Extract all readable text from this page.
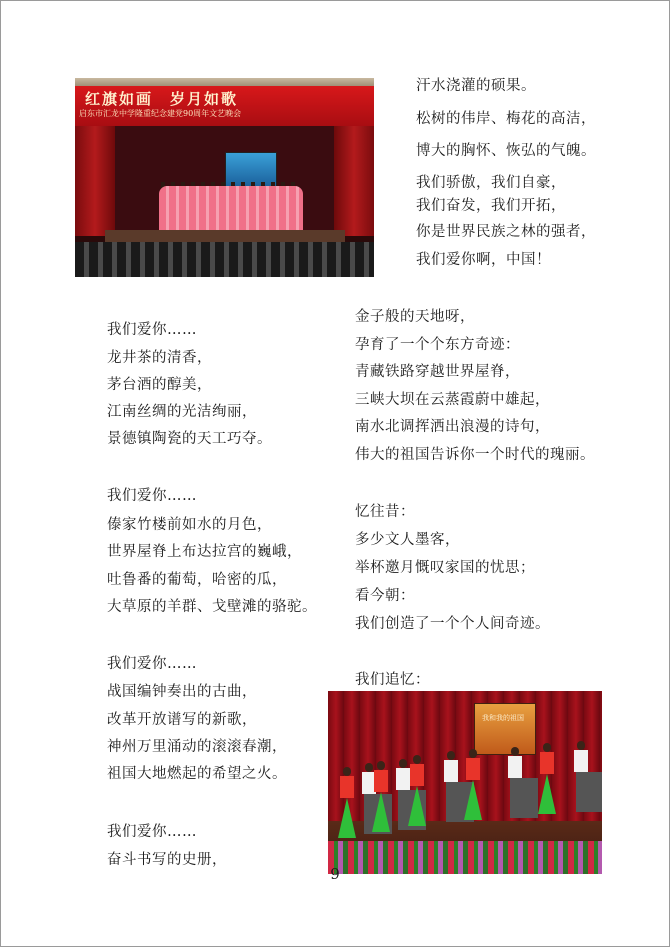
红旗如画　岁月如歌
启东市汇龙中学隆重纪念建党90周年文艺晚会
汗水浇灌的硕果。
松树的伟岸、梅花的高洁，
博大的胸怀、恢弘的气魄。
我们骄傲，我们自豪，
我们奋发，我们开拓，
你是世界民族之林的强者，
我们爱你啊，中国！
我们爱你……
龙井茶的清香，
茅台酒的醇美，
江南丝绸的光洁绚丽，
景德镇陶瓷的天工巧夺。
我们爱你……
傣家竹楼前如水的月色，
世界屋脊上布达拉宫的巍峨，
吐鲁番的葡萄，哈密的瓜，
大草原的羊群、戈壁滩的骆驼。
我们爱你……
战国编钟奏出的古曲，
改革开放谱写的新歌，
神州万里涌动的滚滚春潮，
祖国大地燃起的希望之火。
我们爱你……
奋斗书写的史册，
金子般的天地呀，
孕育了一个个东方奇迹：
青藏铁路穿越世界屋脊，
三峡大坝在云蒸霞蔚中雄起，
南水北调挥洒出浪漫的诗句，
伟大的祖国告诉你一个时代的瑰丽。
忆往昔：
多少文人墨客，
举杯邀月慨叹家国的忧思；
看今朝：
我们创造了一个个人间奇迹。
我们追忆：
我和我的祖国
9
